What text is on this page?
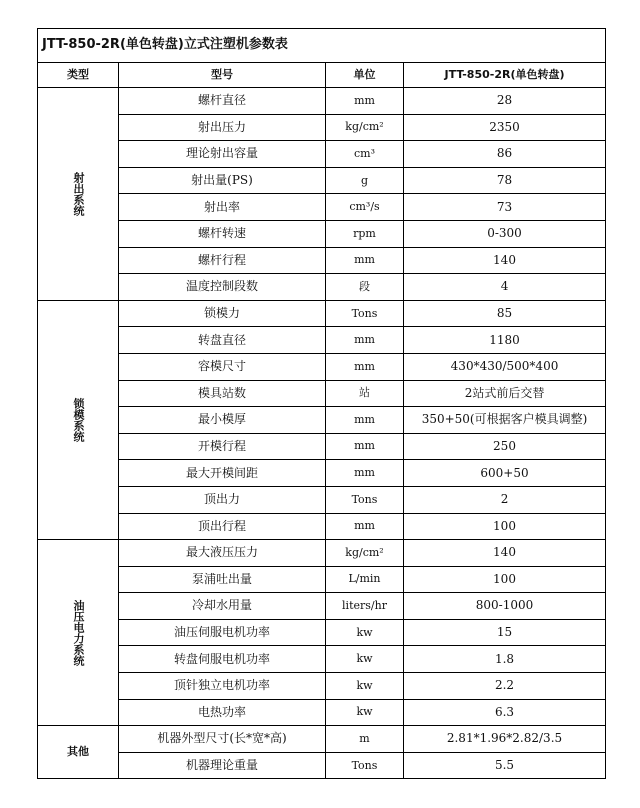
JTT-850-2R(单色转盘)立式注塑机参数表			
类型	型号	单位	JTT-850-2R(单色转盘)

射出系统	螺杆直径	mm	28
	射出压力	kg/cm²	2350
	理论射出容量	cm³	86
	射出量(PS)	g	78
	射出率	cm³/s	73
	螺杆转速	rpm	0-300
	螺杆行程	mm	140
	温度控制段数	段	4

锁模系统	锁模力	Tons	85
	转盘直径	mm	1180
	容模尺寸	mm	430*430/500*400
	模具站数	站	2站式前后交替
	最小模厚	mm	350+50(可根据客户模具调整)
	开模行程	mm	250
	最大开模间距	mm	600+50
	顶出力	Tons	2
	顶出行程	mm	100

油压电力系统	最大液压压力	kg/cm²	140
	泵浦吐出量	L/min	100
	冷却水用量	liters/hr	800-1000
	油压伺服电机功率	kw	15
	转盘伺服电机功率	kw	1.8
	顶针独立电机功率	kw	2.2
	电热功率	kw	6.3

其他	机器外型尺寸(长*宽*高)	m	2.81*1.96*2.82/3.5
	机器理论重量	Tons	5.5
